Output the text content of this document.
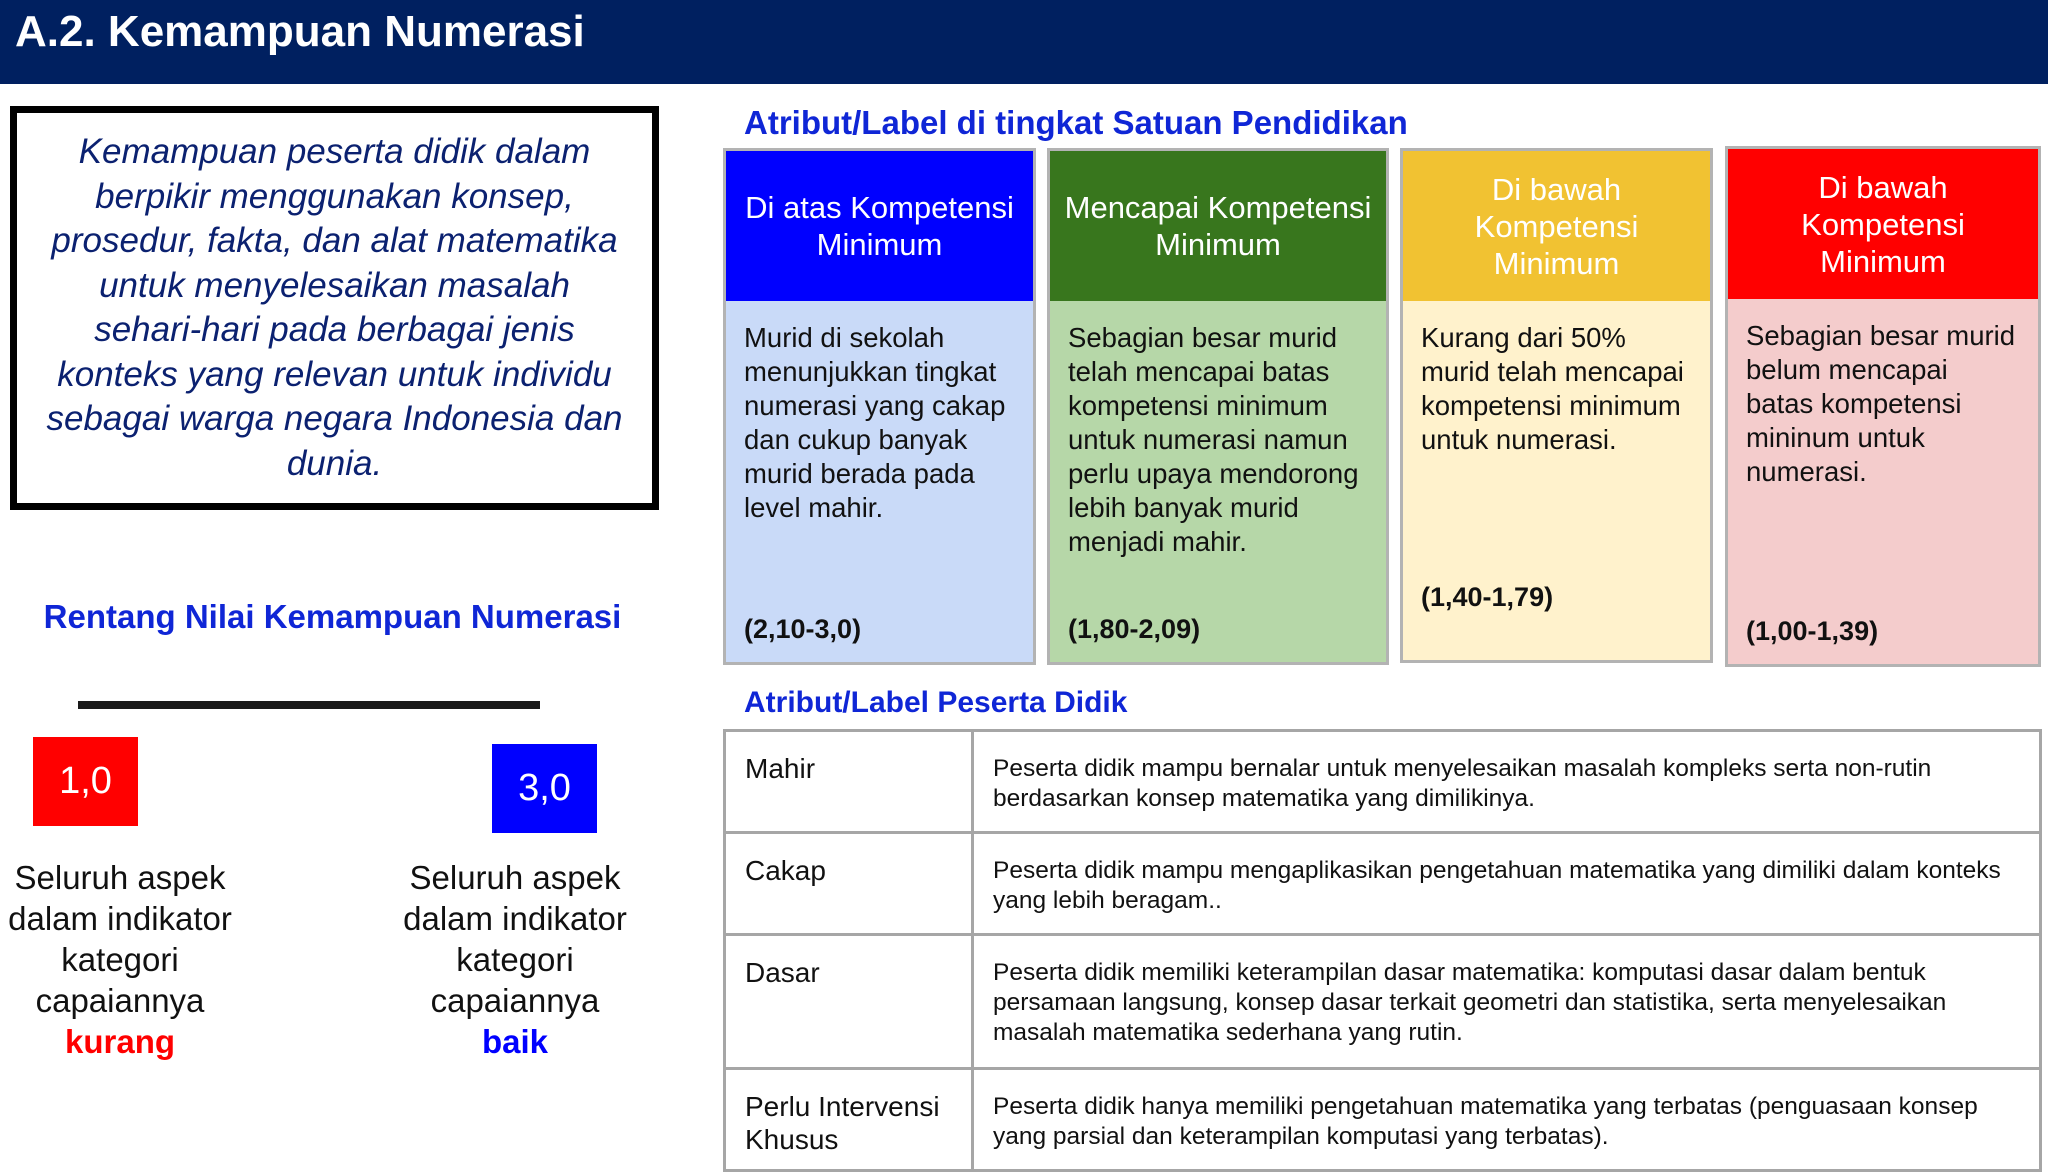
A.2. Kemampuan Numerasi
Kemampuan peserta didik dalam berpikir menggunakan konsep, prosedur, fakta, dan alat matematika untuk menyelesaikan masalah sehari-hari pada berbagai jenis konteks yang relevan untuk individu sebagai warga negara Indonesia dan dunia.
Rentang Nilai Kemampuan Numerasi
1,0	3,0
Seluruh aspek dalam indikator kategori capaiannya
kurang
Seluruh aspek dalam indikator kategori capaiannya
baik
Atribut/Label di tingkat Satuan Pendidikan
Di atas Kompetensi Minimum
Murid di sekolah menunjukkan tingkat numerasi yang cakap dan cukup banyak murid berada pada level mahir.
(2,10-3,0)
Mencapai Kompetensi Minimum
Sebagian besar murid telah mencapai batas kompetensi minimum untuk numerasi namun perlu upaya mendorong lebih banyak murid menjadi mahir.
(1,80-2,09)
Di bawah Kompetensi Minimum
Kurang dari 50% murid telah mencapai kompetensi minimum untuk numerasi.
(1,40-1,79)
Di bawah Kompetensi Minimum
Sebagian besar murid belum mencapai batas kompetensi mininum untuk numerasi.
(1,00-1,39)
Atribut/Label Peserta Didik
Mahir	Peserta didik mampu bernalar untuk menyelesaikan masalah kompleks serta non-rutin berdasarkan konsep matematika yang dimilikinya.
Cakap	Peserta didik mampu mengaplikasikan pengetahuan matematika yang dimiliki dalam konteks yang lebih beragam..
Dasar	Peserta didik memiliki keterampilan dasar matematika: komputasi dasar dalam bentuk persamaan langsung, konsep dasar terkait geometri dan statistika, serta menyelesaikan masalah matematika sederhana yang rutin.
Perlu Intervensi Khusus	Peserta didik hanya memiliki pengetahuan matematika yang terbatas (penguasaan konsep yang parsial dan keterampilan komputasi yang terbatas).
